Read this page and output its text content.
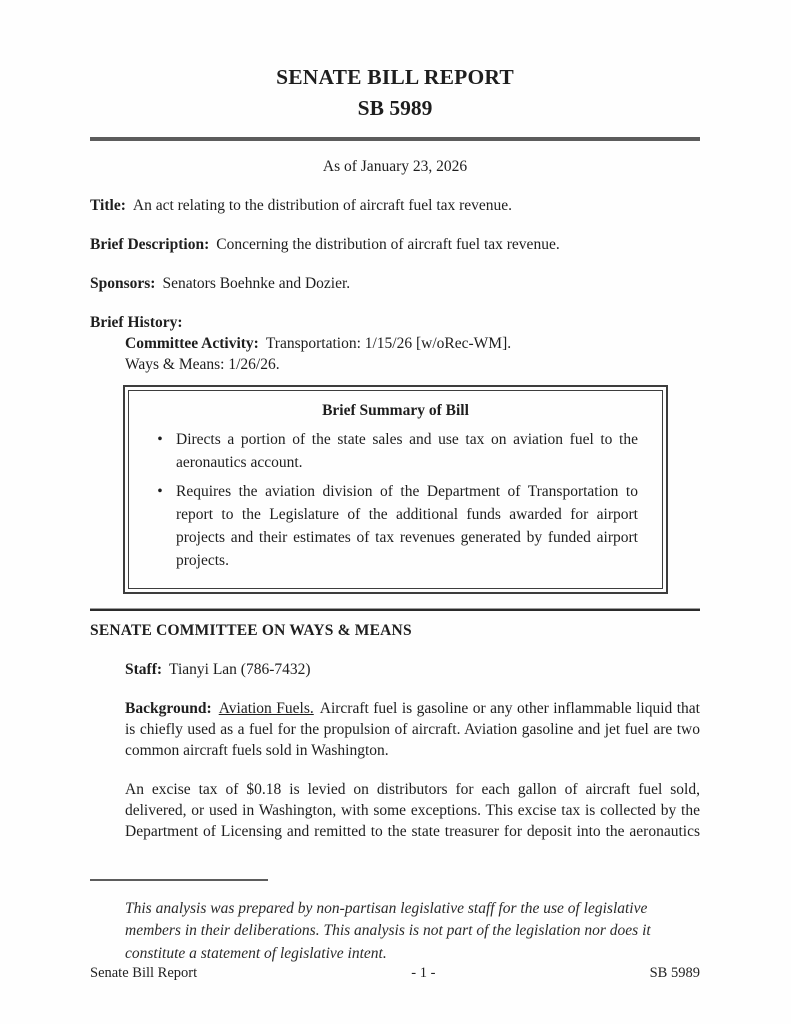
SENATE BILL REPORT
SB 5989
As of January 23, 2026
Title: An act relating to the distribution of aircraft fuel tax revenue.
Brief Description: Concerning the distribution of aircraft fuel tax revenue.
Sponsors: Senators Boehnke and Dozier.
Brief History:
Committee Activity: Transportation: 1/15/26 [w/oRec-WM].
Ways & Means: 1/26/26.
Brief Summary of Bill
• Directs a portion of the state sales and use tax on aviation fuel to the aeronautics account.
• Requires the aviation division of the Department of Transportation to report to the Legislature of the additional funds awarded for airport projects and their estimates of tax revenues generated by funded airport projects.
SENATE COMMITTEE ON WAYS & MEANS
Staff: Tianyi Lan (786-7432)
Background: Aviation Fuels. Aircraft fuel is gasoline or any other inflammable liquid that is chiefly used as a fuel for the propulsion of aircraft. Aviation gasoline and jet fuel are two common aircraft fuels sold in Washington.
An excise tax of $0.18 is levied on distributors for each gallon of aircraft fuel sold, delivered, or used in Washington, with some exceptions. This excise tax is collected by the Department of Licensing and remitted to the state treasurer for deposit into the aeronautics
This analysis was prepared by non-partisan legislative staff for the use of legislative members in their deliberations. This analysis is not part of the legislation nor does it constitute a statement of legislative intent.
Senate Bill Report	- 1 -	SB 5989
